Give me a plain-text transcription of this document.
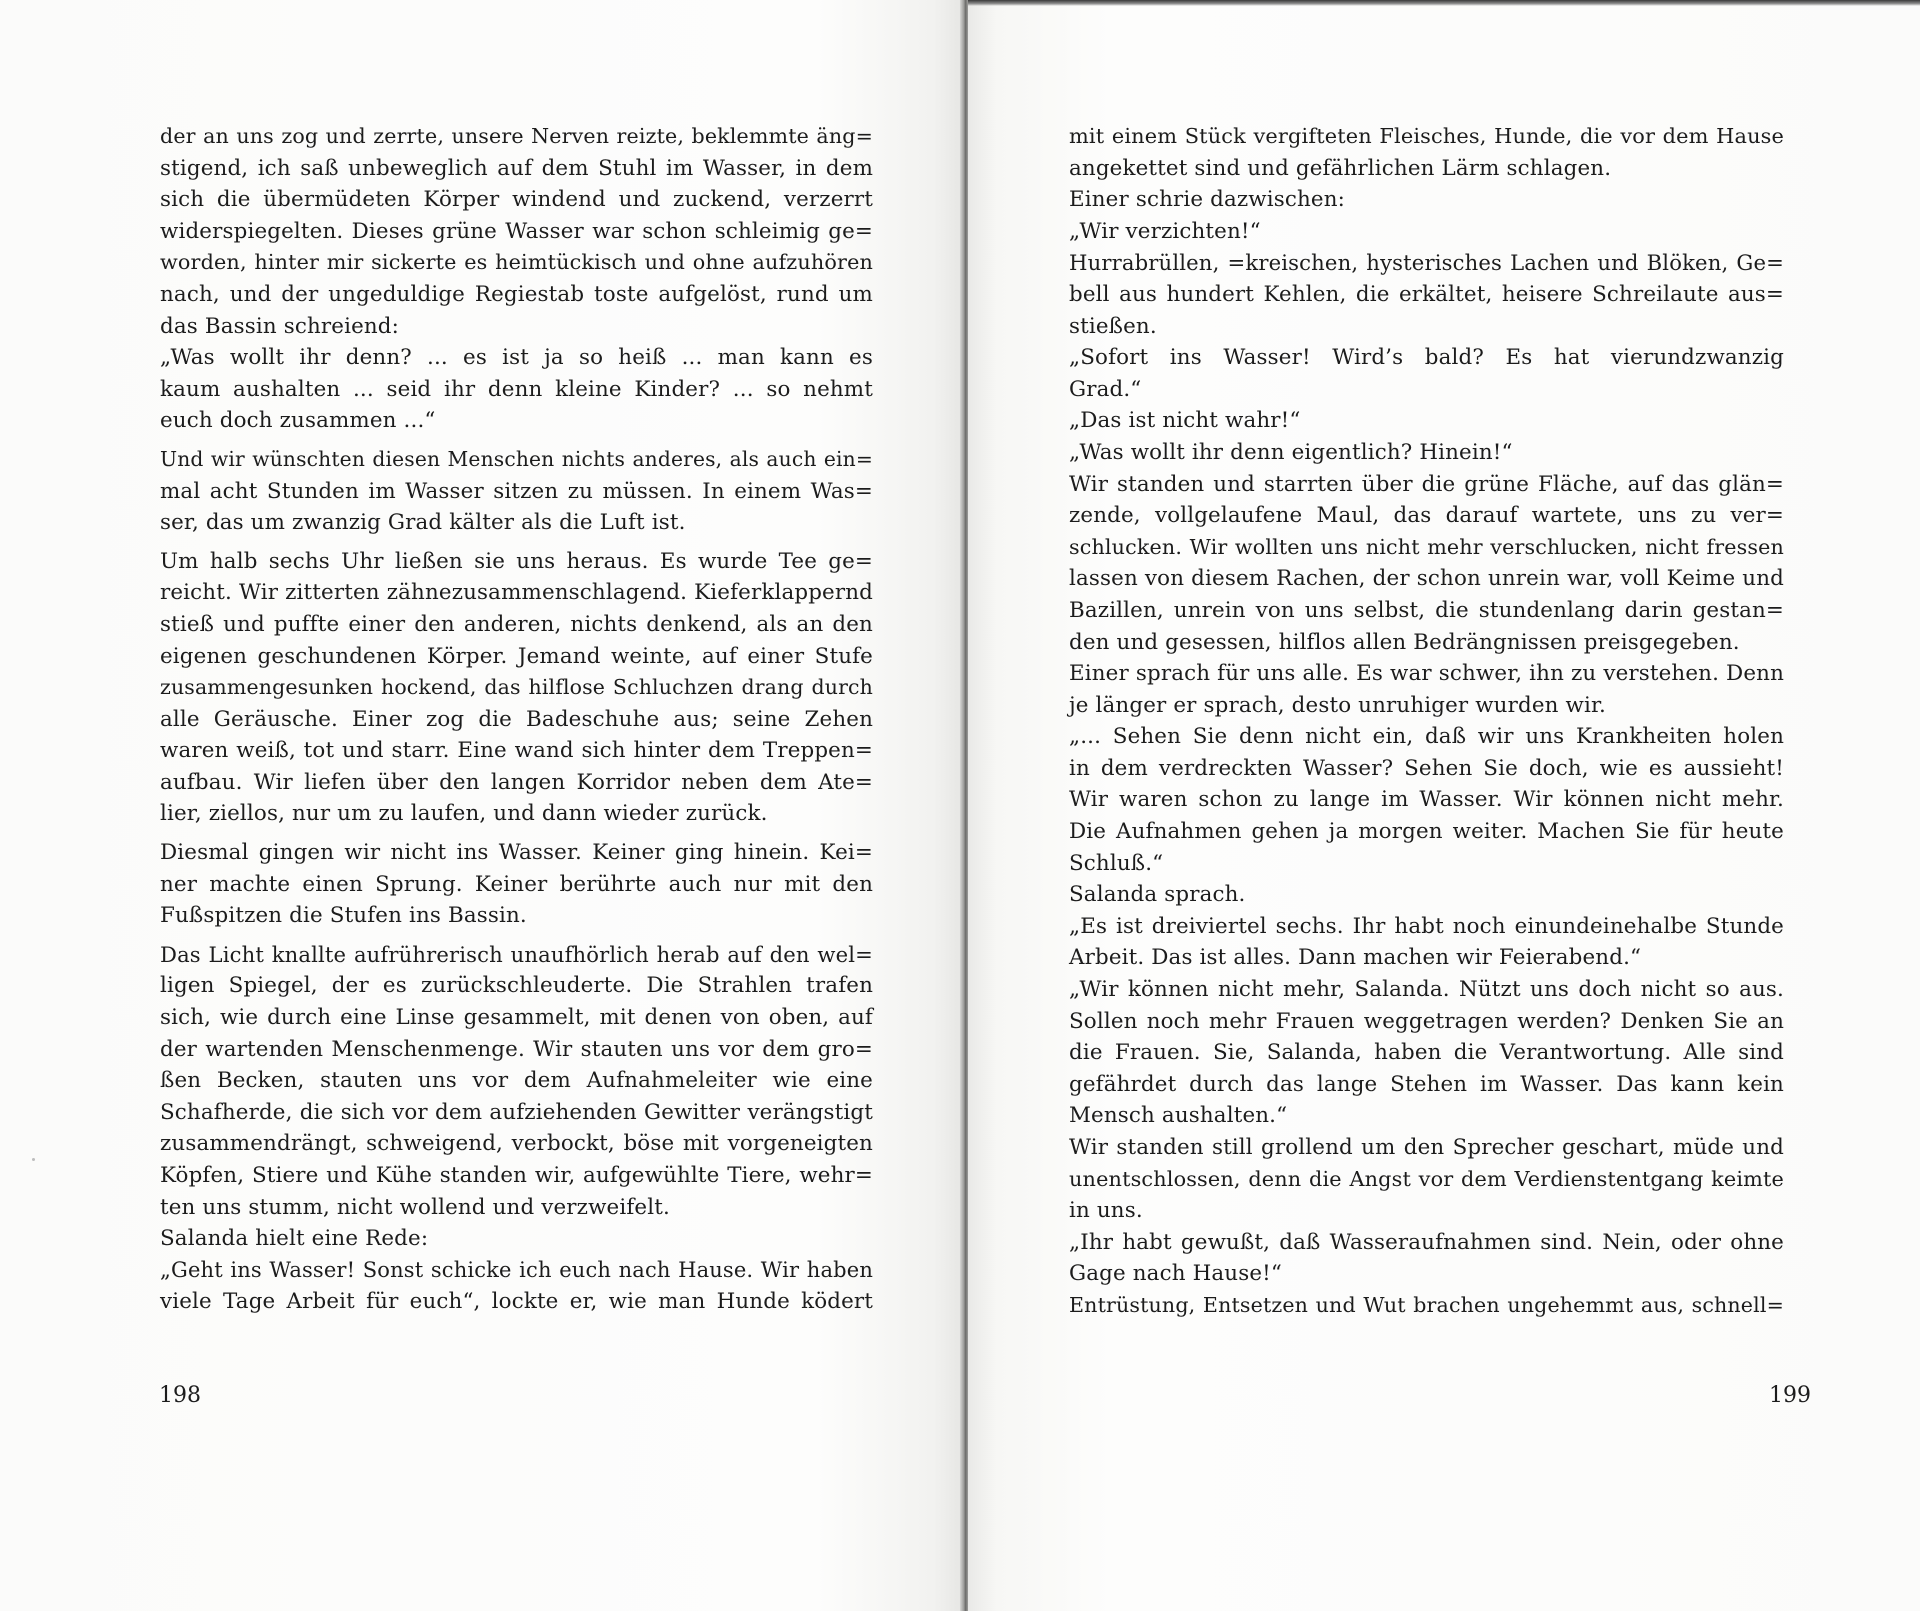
der an uns zog und zerrte, unsere Nerven reizte, beklemmte äng=
stigend, ich saß unbeweglich auf dem Stuhl im Wasser, in dem
sich die übermüdeten Körper windend und zuckend, verzerrt
widerspiegelten. Dieses grüne Wasser war schon schleimig ge=
worden, hinter mir sickerte es heimtückisch und ohne aufzuhören
nach, und der ungeduldige Regiestab toste aufgelöst, rund um
das Bassin schreiend:
„Was wollt ihr denn? ... es ist ja so heiß ... man kann es
kaum aushalten ... seid ihr denn kleine Kinder? ... so nehmt
euch doch zusammen ...“
Und wir wünschten diesen Menschen nichts anderes, als auch ein=
mal acht Stunden im Wasser sitzen zu müssen. In einem Was=
ser, das um zwanzig Grad kälter als die Luft ist.
Um halb sechs Uhr ließen sie uns heraus. Es wurde Tee ge=
reicht. Wir zitterten zähnezusammenschlagend. Kieferklappernd
stieß und puffte einer den anderen, nichts denkend, als an den
eigenen geschundenen Körper. Jemand weinte, auf einer Stufe
zusammengesunken hockend, das hilflose Schluchzen drang durch
alle Geräusche. Einer zog die Badeschuhe aus; seine Zehen
waren weiß, tot und starr. Eine wand sich hinter dem Treppen=
aufbau. Wir liefen über den langen Korridor neben dem Ate=
lier, ziellos, nur um zu laufen, und dann wieder zurück.
Diesmal gingen wir nicht ins Wasser. Keiner ging hinein. Kei=
ner machte einen Sprung. Keiner berührte auch nur mit den
Fußspitzen die Stufen ins Bassin.
Das Licht knallte aufrührerisch unaufhörlich herab auf den wel=
ligen Spiegel, der es zurückschleuderte. Die Strahlen trafen
sich, wie durch eine Linse gesammelt, mit denen von oben, auf
der wartenden Menschenmenge. Wir stauten uns vor dem gro=
ßen Becken, stauten uns vor dem Aufnahmeleiter wie eine
Schafherde, die sich vor dem aufziehenden Gewitter verängstigt
zusammendrängt, schweigend, verbockt, böse mit vorgeneigten
Köpfen, Stiere und Kühe standen wir, aufgewühlte Tiere, wehr=
ten uns stumm, nicht wollend und verzweifelt.
Salanda hielt eine Rede:
„Geht ins Wasser! Sonst schicke ich euch nach Hause. Wir haben
viele Tage Arbeit für euch“, lockte er, wie man Hunde ködert
198
mit einem Stück vergifteten Fleisches, Hunde, die vor dem Hause
angekettet sind und gefährlichen Lärm schlagen.
Einer schrie dazwischen:
„Wir verzichten!“
Hurrabrüllen, =kreischen, hysterisches Lachen und Blöken, Ge=
bell aus hundert Kehlen, die erkältet, heisere Schreilaute aus=
stießen.
„Sofort ins Wasser! Wird’s bald? Es hat vierundzwanzig
Grad.“
„Das ist nicht wahr!“
„Was wollt ihr denn eigentlich? Hinein!“
Wir standen und starrten über die grüne Fläche, auf das glän=
zende, vollgelaufene Maul, das darauf wartete, uns zu ver=
schlucken. Wir wollten uns nicht mehr verschlucken, nicht fressen
lassen von diesem Rachen, der schon unrein war, voll Keime und
Bazillen, unrein von uns selbst, die stundenlang darin gestan=
den und gesessen, hilflos allen Bedrängnissen preisgegeben.
Einer sprach für uns alle. Es war schwer, ihn zu verstehen. Denn
je länger er sprach, desto unruhiger wurden wir.
„... Sehen Sie denn nicht ein, daß wir uns Krankheiten holen
in dem verdreckten Wasser? Sehen Sie doch, wie es aussieht!
Wir waren schon zu lange im Wasser. Wir können nicht mehr.
Die Aufnahmen gehen ja morgen weiter. Machen Sie für heute
Schluß.“
Salanda sprach.
„Es ist dreiviertel sechs. Ihr habt noch einundeinehalbe Stunde
Arbeit. Das ist alles. Dann machen wir Feierabend.“
„Wir können nicht mehr, Salanda. Nützt uns doch nicht so aus.
Sollen noch mehr Frauen weggetragen werden? Denken Sie an
die Frauen. Sie, Salanda, haben die Verantwortung. Alle sind
gefährdet durch das lange Stehen im Wasser. Das kann kein
Mensch aushalten.“
Wir standen still grollend um den Sprecher geschart, müde und
unentschlossen, denn die Angst vor dem Verdienstentgang keimte
in uns.
„Ihr habt gewußt, daß Wasseraufnahmen sind. Nein, oder ohne
Gage nach Hause!“
Entrüstung, Entsetzen und Wut brachen ungehemmt aus, schnell=
199
